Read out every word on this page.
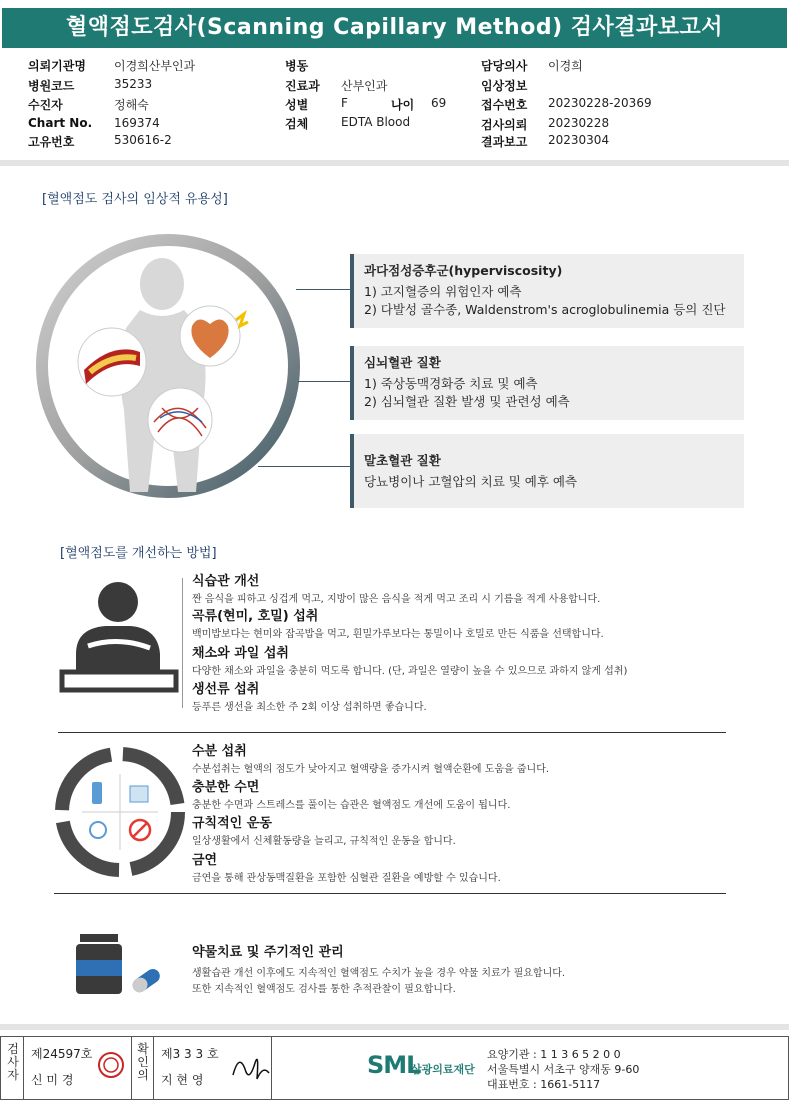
혈액점도검사(Scanning Capillary Method) 검사결과보고서
의뢰기관명 이경희산부인과
병원코드	35233
수진자	정해숙
Chart No. 169374
고유번호	530616-2
병동
진료과 산부인과
성별	F	나이 69
검체	EDTA Blood
담당의사 이경희
임상정보
접수번호 20230228-20369
검사의뢰 20230228
결과보고 20230304
[혈액점도 검사의 임상적 유용성]
과다점성증후군(hyperviscosity)
1) 고지혈증의 위험인자 예측
2) 다발성 골수종, Waldenstrom's acroglobulinemia 등의 진단
심뇌혈관 질환
1) 죽상동맥경화증 치료 및 예측
2) 심뇌혈관 질환 발생 및 관련성 예측
말초혈관 질환
당뇨병이나 고혈압의 치료 및 예후 예측
[혈액점도를 개선하는 방법]
식습관 개선
짠 음식을 피하고 싱겁게 먹고, 지방이 많은 음식을 적게 먹고 조리 시 기름을 적게 사용합니다.
곡류(현미, 호밀) 섭취
백미밥보다는 현미와 잡곡밥을 먹고, 흰밀가루보다는 통밀이나 호밀로 만든 식품을 선택합니다.
채소와 과일 섭취
다양한 채소와 과일을 충분히 먹도록 합니다. (단, 과일은 열량이 높을 수 있으므로 과하지 않게 섭취)
생선류 섭취
등푸른 생선을 최소한 주 2회 이상 섭취하면 좋습니다.
수분 섭취
수분섭취는 혈액의 점도가 낮아지고 혈액량을 증가시켜 혈액순환에 도움을 줍니다.
충분한 수면
충분한 수면과 스트레스를 풀이는 습관은 혈액점도 개선에 도움이 됩니다.
규칙적인 운동
일상생활에서 신체활동량을 늘리고, 규칙적인 운동을 합니다.
금연
금연을 통해 관상동맥질환을 포함한 심혈관 질환을 예방할 수 있습니다.
약물치료 및 주기적인 관리
생활습관 개선 이후에도 지속적인 혈액점도 수치가 높을 경우 약물 치료가 필요합니다.
또한 지속적인 혈액점도 검사를 통한 추적관찰이 필요합니다.
검
사
자
제24597호
신 미 경
확
인
의
제3 3 3 호
지 현 영
SML
삼광의료재단
요양기관 : 1 1 3 6 5 2 0 0
서울특별시 서초구 양재동 9-60
대표번호 : 1661-5117
